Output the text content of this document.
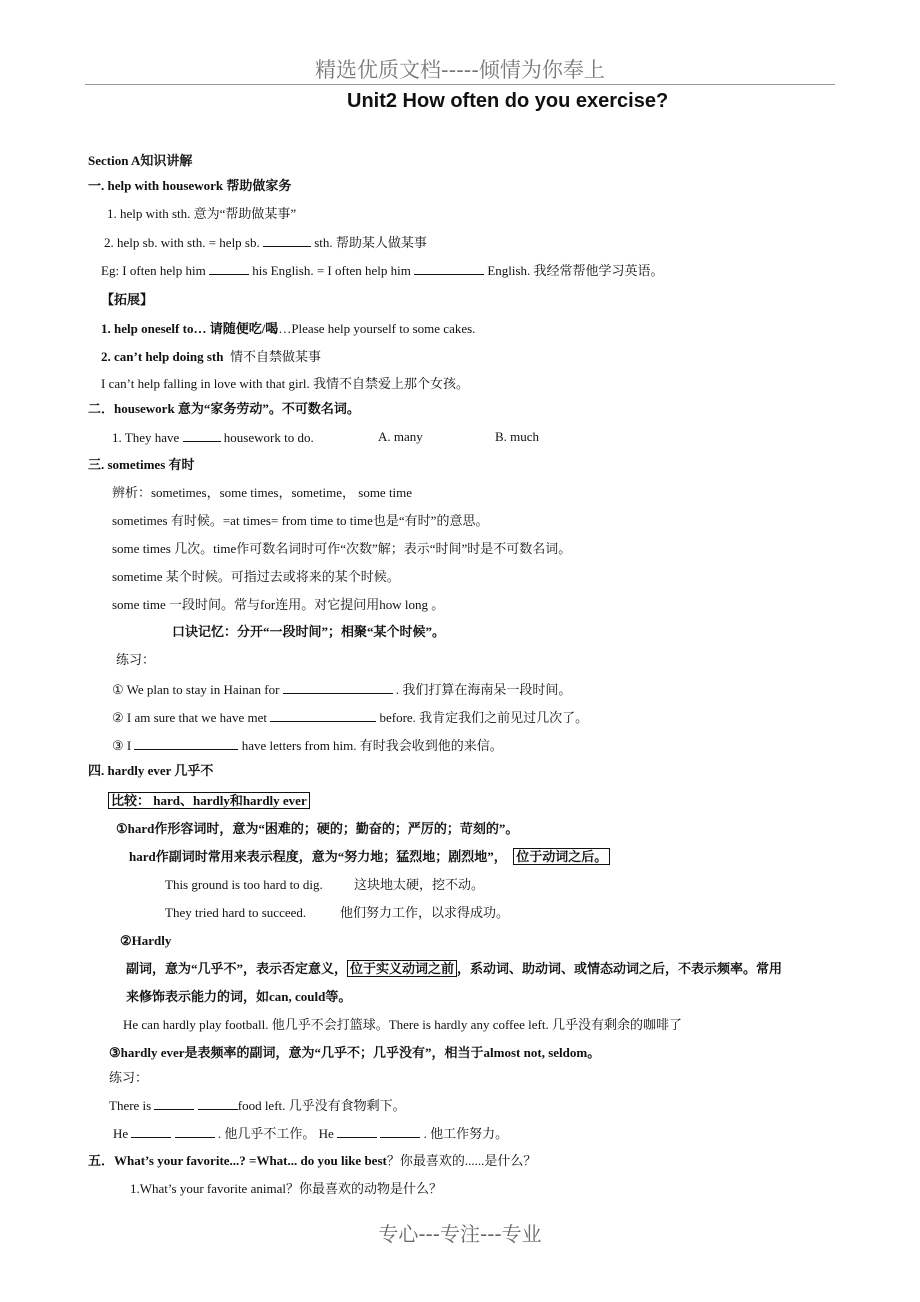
精选优质文档-----倾情为你奉上
Unit2 How often do you exercise?
Section A知识讲解
一. help with housework 帮助做家务
1. help with sth. 意为“帮助做某事”
2. help sb. with sth. = help sb.	sth. 帮助某人做某事
Eg: I often help him	his English. = I often help him	English. 我经常帮他学习英语。
【拓展】
1. help oneself to… 请随便吃/喝…Please help yourself to some cakes.
2. can’t help doing sth 情不自禁做某事
I can’t help falling in love with that girl. 我情不自禁爱上那个女孩。
二．housework 意为“家务劳动”。不可数名词。
1. They have	housework to do.	A. many	B. much
三. sometimes 有时
辨析：sometimes，some times，sometime， some time
sometimes 有时候。=at times= from time to time也是“有时”的意思。
some times 几次。time作可数名词时可作“次数”解；表示“时间”时是不可数名词。
sometime 某个时候。可指过去或将来的某个时候。
some time 一段时间。常与for连用。对它提问用how long 。
口诀记忆：分开“一段时间”；相聚“某个时候”。
练习：
① We plan to stay in Hainan for	. 我们打算在海南呆一段时间。
② I am sure that we have met	before. 我肯定我们之前见过几次了。
③ I	have letters from him. 有时我会收到他的来信。
四. hardly ever 几乎不
比较： hard、hardly和hardly ever
①hard作形容词时，意为“困难的；硬的；勤奋的；严厉的；苛刻的”。
hard作副词时常用来表示程度，意为“努力地；猛烈地；剧烈地”， 位于动词之后。
This ground is too hard to dig. 这块地太硬，挖不动。
They tried hard to succeed.	他们努力工作，以求得成功。
②Hardly
副词，意为“几乎不”，表示否定意义， 位于实义动词之前 ，系动词、助动词、或情态动词之后，不表示频率。常用
来修饰表示能力的词，如can, could等。
He can hardly play football. 他几乎不会打篮球。There is hardly any coffee left. 几乎没有剩余的咖啡了
③hardly ever是表频率的副词，意为“几乎不；几乎没有”，相当于almost not, seldom。
练习：
There is	food left. 几乎没有食物剩下。
He	. 他几乎不工作。 He	. 他工作努力。
五．What’s your favorite...? =What... do you like best？你最喜欢的......是什么？
1.What’s your favorite animal？你最喜欢的动物是什么？
专心---专注---专业
